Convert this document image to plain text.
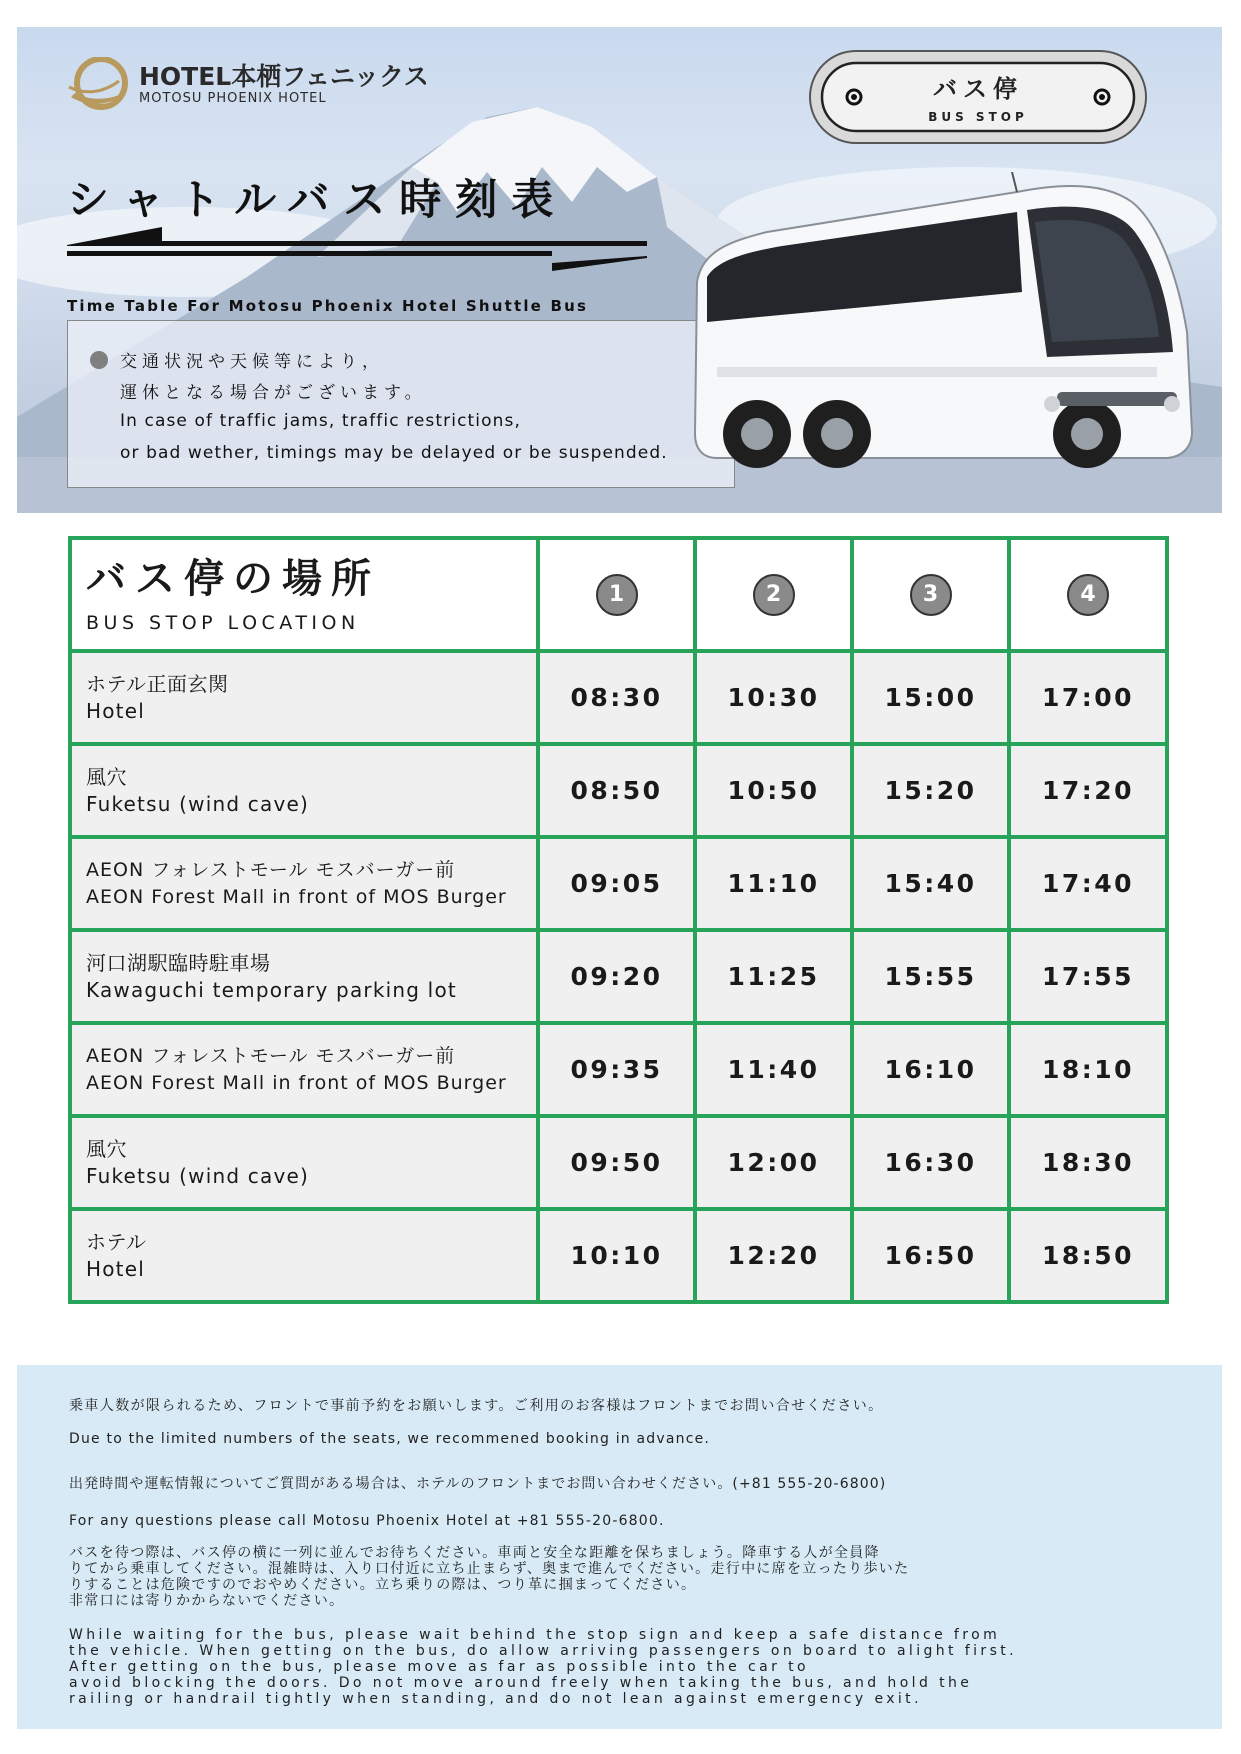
HOTEL本栖フェニックス
MOTOSU PHOENIX HOTEL
シャトルバス時刻表
Time Table For Motosu Phoenix Hotel Shuttle Bus
交通状況や天候等により，
運休となる場合がございます。
In case of traffic jams, traffic restrictions,
or bad wether, timings may be delayed or be suspended.
バス停
BUS STOP
バス停の場所
BUS STOP LOCATION	1	2	3	4

ホテル正面玄関
Hotel	08:30	10:30	15:00	17:00

風穴
Fuketsu (wind cave)	08:50	10:50	15:20	17:20

AEON フォレストモール モスバーガー前
AEON Forest Mall in front of MOS Burger	09:05	11:10	15:40	17:40

河口湖駅臨時駐車場
Kawaguchi temporary parking lot	09:20	11:25	15:55	17:55

AEON フォレストモール モスバーガー前
AEON Forest Mall in front of MOS Burger	09:35	11:40	16:10	18:10

風穴
Fuketsu (wind cave)	09:50	12:00	16:30	18:30

ホテル
Hotel	10:10	12:20	16:50	18:50

乗車人数が限られるため、フロントで事前予約をお願いします。ご利用のお客様はフロントまでお問い合せください。

Due to the limited numbers of the seats, we recommened booking in advance.

出発時間や運転情報についてご質問がある場合は、ホテルのフロントまでお問い合わせください。(+81 555-20-6800)

For any questions please call Motosu Phoenix Hotel at +81 555-20-6800.

バスを待つ際は、バス停の横に一列に並んでお待ちください。車両と安全な距離を保ちましょう。降車する人が全員降
りてから乗車してください。混雑時は、入り口付近に立ち止まらず、奥まで進んでください。走行中に席を立ったり歩いた
りすることは危険ですのでおやめください。立ち乗りの際は、つり革に掴まってください。
非常口には寄りかからないでください。

While waiting for the bus, please wait behind the stop sign and keep a safe distance from
the vehicle. When getting on the bus, do allow arriving passengers on board to alight first.
After getting on the bus, please move as far as possible into the car to
avoid blocking the doors. Do not move around freely when taking the bus, and hold the
railing or handrail tightly when standing, and do not lean against emergency exit.
